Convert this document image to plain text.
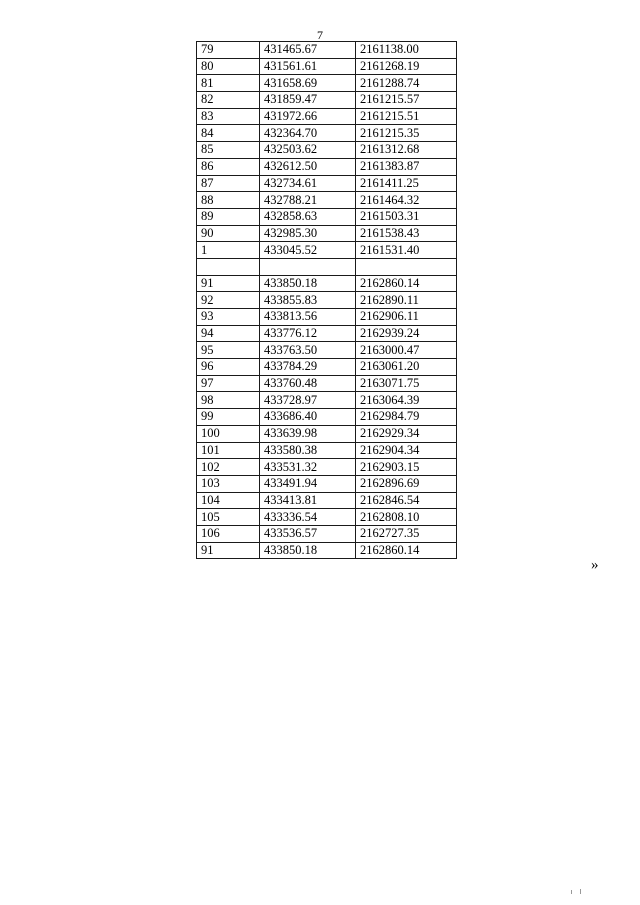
7
79	431465.67	2161138.00
80	431561.61	2161268.19
81	431658.69	2161288.74
82	431859.47	2161215.57
83	431972.66	2161215.51
84	432364.70	2161215.35
85	432503.62	2161312.68
86	432612.50	2161383.87
87	432734.61	2161411.25
88	432788.21	2161464.32
89	432858.63	2161503.31
90	432985.30	2161538.43
1	433045.52	2161531.40

91	433850.18	2162860.14
92	433855.83	2162890.11
93	433813.56	2162906.11
94	433776.12	2162939.24
95	433763.50	2163000.47
96	433784.29	2163061.20
97	433760.48	2163071.75
98	433728.97	2163064.39
99	433686.40	2162984.79
100	433639.98	2162929.34
101	433580.38	2162904.34
102	433531.32	2162903.15
103	433491.94	2162896.69
104	433413.81	2162846.54
105	433336.54	2162808.10
106	433536.57	2162727.35
91	433850.18	2162860.14
»
